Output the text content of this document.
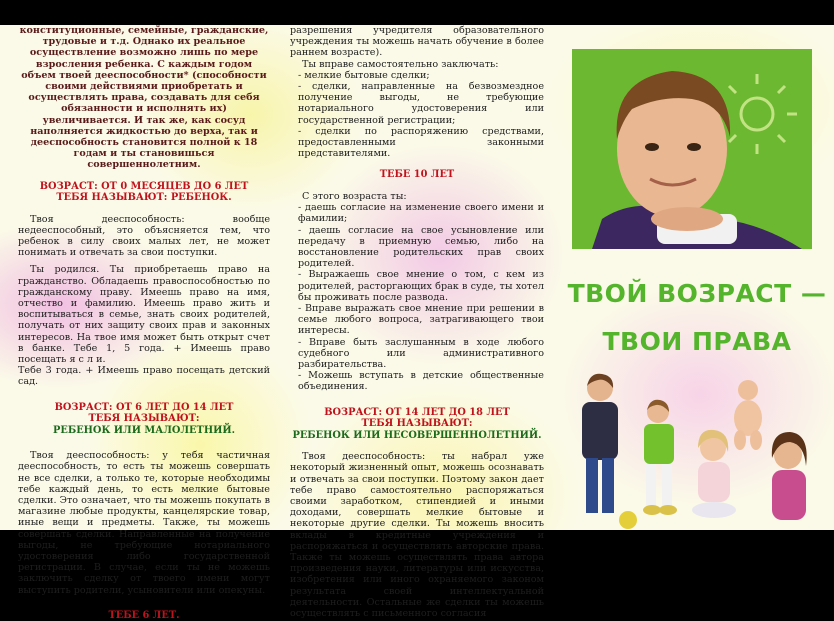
конституционные, семейные, гражданские, трудовые и т.д. Однако их реальное осуществление возможно лишь по мере взросления ребенка. С каждым годом объем твоей дееспособности* (способности своими действиями приобретать и осуществлять права, создавать для себя обязанности и исполнять их) увеличивается. И так же, как сосуд наполняется жидкостью до верха, так и дееспособность становится полной к 18 годам и ты становишься совершеннолетним.

ВОЗРАСТ: ОТ 0 МЕСЯЦЕВ ДО 6 ЛЕТ

ТЕБЯ НАЗЫВАЮТ: РЕБЕНОК.

Твоя дееспособность: вообще недееспособный, это объясняется тем, что ребенок в силу своих малых лет, не может понимать и отвечать за свои поступки.

Ты родился. Ты приобретаешь право на гражданство. Обладаешь правоспособностью по гражданскому праву. Имеешь право на имя, отчество и фамилию. Имеешь право жить и воспитываться в семье, знать своих родителей, получать от них защиту своих прав и законных интересов. На твое имя может быть открыт счет в банке. Тебе 1, 5 года. + Имеешь право посещать я с л и.

Тебе 3 года. + Имеешь право посещать детский сад.

ВОЗРАСТ: ОТ 6 ЛЕТ ДО 14 ЛЕТ

ТЕБЯ НАЗЫВАЮТ:

РЕБЕНОК ИЛИ МАЛОЛЕТНИЙ.

Твоя дееспособность: у тебя частичная дееспособность, то есть ты можешь совершать не все сделки, а только те, которые необходимы тебе каждый день, то есть мелкие бытовые сделки. Это означает, что ты можешь покупать в магазине любые продукты, канцелярские товар, иные вещи и предметы. Также, ты можешь совершать сделки. Направленные на получение выгоды, не требующие нотариального удостоверения либо государственной регистрации. В случае, если ты не можешь заключить сделку от твоего имени могут выступить родители, усыновители или опекуны.

ТЕБЕ 6 ЛЕТ.

разрешения учредителя образовательного учреждения ты можешь начать обучение в более раннем возрасте).

Ты вправе самостоятельно заключать:

- мелкие бытовые сделки;

- сделки, направленные на безвозмездное получение выгоды, не требующие нотариального удостоверения или государственной регистрации;

- сделки по распоряжению средствами, предоставленными законными представителями.

ТЕБЕ 10 ЛЕТ

С этого возраста ты:

- даешь согласие на изменение своего имени и фамилии;

- даешь согласие на свое усыновление или передачу в приемную семью, либо на восстановление родительских прав своих родителей.

- Выражаешь свое мнение о том, с кем из родителей, расторгающих брак в суде, ты хотел бы проживать после развода.

- Вправе выражать свое мнение при решении в семье любого вопроса, затрагивающего твои интересы.

- Вправе быть заслушанным в ходе любого судебного или административного разбирательства.

- Можешь вступать в детские общественные объединения.

ВОЗРАСТ: ОТ 14 ЛЕТ ДО 18 ЛЕТ

ТЕБЯ НАЗЫВАЮТ:

РЕБЕНОК ИЛИ НЕСОВЕРШЕННОЛЕТНИЙ.

Твоя дееспособность: ты набрал уже некоторый жизненный опыт, можешь осознавать и отвечать за свои поступки. Поэтому закон дает тебе право самостоятельно распоряжаться своими заработком, стипендией и иными доходами, совершать мелкие бытовые и некоторые другие сделки. Ты можешь вносить вклады в кредитные учреждения и распоряжаться и осуществлять авторские права. Также ты можешь осуществлять права автора произведения науки, литературы или искусства, изобретения или иного охраняемого законом результата своей интеллектуальной деятельности. Остальные же сделки ты можешь осуществлять с письменного согласия

ТВОЙ ВОЗРАСТ —
ТВОИ ПРАВА
